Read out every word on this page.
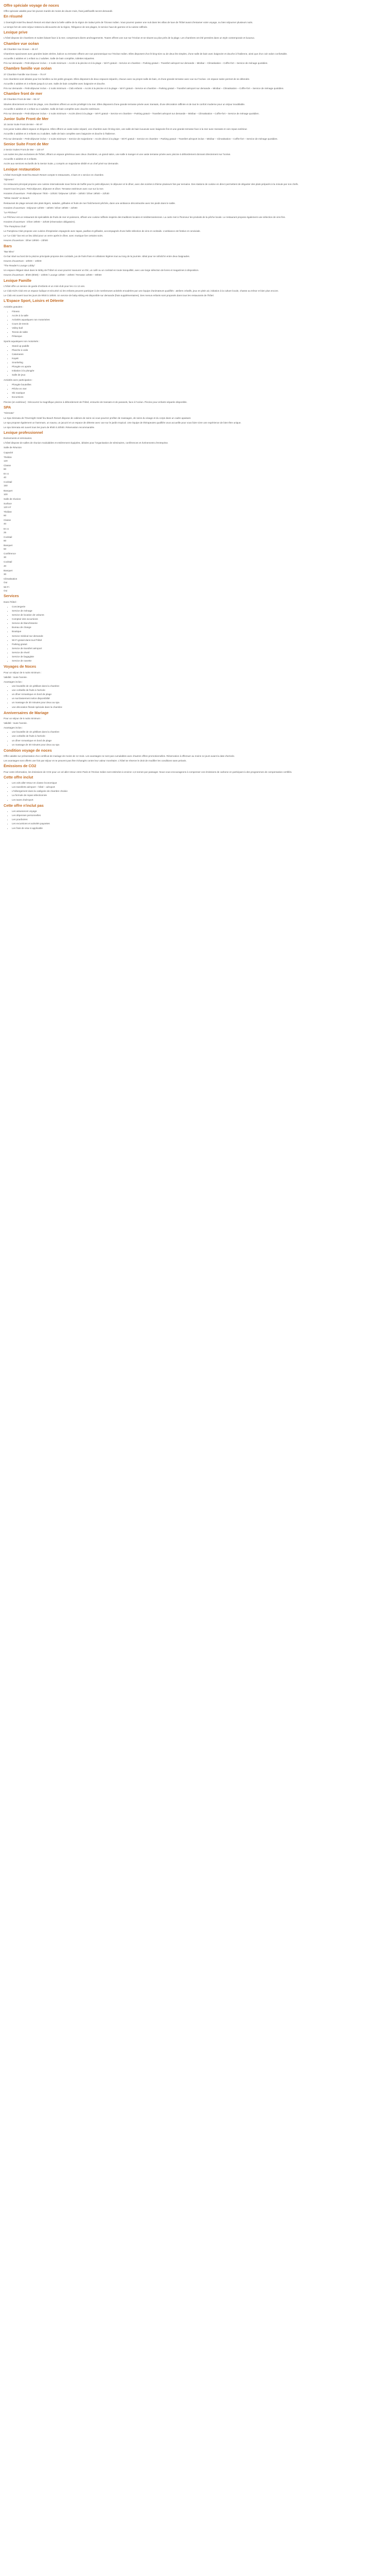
Offre spéciale voyage de noces
Offre spéciale valable pour les jeunes mariés de moins de douze mois, frais justificatifs secret demandé.
En résumé
1 Overnight Hotel feu Beach Resort est situé dans la belle vallée de la région de Salavi près de l'Ocean Indien. Vous pourrez passer une nuit dans les villas de luxe de l'hôtel avant d'entamer votre voyage, ou bien séjourner plusieurs nuits.
Le temps fort de votre séjour restera la découverte de la région, l'élégance de ses plages, le service haut de gamme et la cuisine raffinée.
Lexique prive
L'hôtel dispose de chambres et suites faisant face à la mer, comprenant divers aménagements. Toutes offrent une vue sur l'Océan et se situent au plus près de la plage. Les chambres ont été pensées dans un style contemporain et luxueux.
Chambre vue océan
48 Chambre Vue Ocean – 45 m²
Chambres spacieuses avec grandes baies vitrées, balcon ou terrasse offrant une vue panoramique sur l'Océan Indien. Elles disposent d'un lit king-size ou de deux lits simples, d'une salle de bain avec baignoire et douche à l'italienne, ainsi que d'un coin salon confortable.
Accueille 2 adultes et 1 enfant ou 2 adultes. Salle de bain complète, toilettes séparées.
Prix sur demande – Petit-déjeuner inclus – 2 nuits minimum – Accès à la piscine et à la plage – Wi-Fi gratuit – Service en chambre – Parking gratuit – Transfert aéroport sur demande – Minibar – Climatisation – Coffre-fort – Service de ménage quotidien.
Chambre famille vue océan
37 Chambre Famille Vue Ocean – 75 m²
Ces chambres sont idéales pour les familles ou les petits groupes. Elles disposent de deux espaces séparés, chacun avec sa propre salle de bain, et d'une grande terrasse avec vue sur l'océan. Un espace salon permet de se détendre.
Accueille 2 adultes et 2 enfants jusqu'à 12 ans. Salle de bain complète avec baignoire et douche.
Prix sur demande – Petit-déjeuner inclus – 2 nuits minimum – Club enfants – Accès à la piscine et à la plage – Wi-Fi gratuit – Service en chambre – Parking gratuit – Transfert aéroport sur demande – Minibar – Climatisation – Coffre-fort – Service de ménage quotidien.
Chambre front de mer
20 Chambre Front de Mer – 65 m²
Situées directement en bord de plage, ces chambres offrent un accès privilégié à la mer. Elles disposent d'une grande terrasse privée avec transats, d'une décoration raffinée et de tout le confort moderne pour un séjour inoubliable.
Accueille 2 adultes et 1 enfant ou 2 adultes. Salle de bain complète avec douche extérieure.
Prix sur demande – Petit-déjeuner inclus – 2 nuits minimum – Accès direct à la plage – Wi-Fi gratuit – Service en chambre – Parking gratuit – Transfert aéroport sur demande – Minibar – Climatisation – Coffre-fort – Service de ménage quotidien.
Junior Suite Front de Mer
10 Junior Suite Front de Mer – 90 m²
Ces junior suites allient espace et élégance. Elles offrent un vaste salon séparé, une chambre avec lit king-size, une salle de bain luxueuse avec baignoire îlot et une grande terrasse face à la mer avec transats et coin repas extérieur.
Accueille 2 adultes et 2 enfants ou 3 adultes. Salle de bain complète avec baignoire et douche à l'italienne.
Prix sur demande – Petit-déjeuner inclus – 2 nuits minimum – Service de majordome – Accès direct à la plage – Wi-Fi gratuit – Service en chambre – Parking gratuit – Transfert aéroport inclus – Minibar – Climatisation – Coffre-fort – Service de ménage quotidien.
Senior Suite Front de Mer
2 Senior Suites Front de Mer – 130 m²
Les suites les plus exclusives de l'hôtel, offrant un espace généreux avec deux chambres, un grand salon, une salle à manger et une vaste terrasse privée avec piscine à débordement donnant directement sur l'océan.
Accueille 4 adultes et 2 enfants.
Accès aux services exclusifs de la Senior Suite, y compris un majordome dédié et un chef privé sur demande.
Lexique restauration
L'hôtel Overnight Hotel feu Beach Resort compte 5 restaurants, 4 bars et 1 service en chambre.
"Ojimenn"
Ce restaurant principal propose une cuisine internationale sous forme de buffet pour le petit-déjeuner, le déjeuner et le dîner, avec des soirées à thème plusieurs fois par semaine. Des stations de cuisine en direct permettent de déguster des plats préparés à la minute par nos chefs.
Ouvert tous les jours. Petit-déjeuner, déjeuner et dîner. Terrasse extérieure avec vue sur la mer.
Horaires d'ouverture : Petit-déjeuner 7h00 – 10h30 / Déjeuner 12h30 – 15h00 / Dîner 19h00 – 22h30
"White Hands" on Beach
Restaurant de plage servant des plats légers, salades, grillades et fruits de mer fraîchement pêchés, dans une ambiance décontractée avec les pieds dans le sable.
Horaires d'ouverture : Déjeuner 12h00 – 16h00 / Dîner 19h00 – 22h00
"Le Pêcheur"
Le Pêcheur est un restaurant de spécialités de fruits de mer et poissons, offrant une cuisine raffinée inspirée des traditions locales et méditerranéennes. La carte met à l'honneur les produits de la pêche locale. Le restaurant propose également une sélection de vins fins.
Horaires d'ouverture : Dîner 19h00 – 22h30 (réservation obligatoire).
"The Pamplona Club"
Le Pamplona Club propose une cuisine d'inspiration espagnole avec tapas, paellas et grillades, accompagnés d'une belle sélection de vins et cocktails. L'ambiance est festive et conviviale.
Le "Le Club" bar est un lieu idéal pour un verre après le dîner, avec musique live certains soirs.
Heures d'ouverture : Dîner 19h00 – 23h00
Bars
"Bar Bleu"
Ce bar situé au bord de la piscine principale propose des cocktails, jus de fruits frais et collations légères tout au long de la journée. Idéal pour se rafraîchir entre deux baignades.
Heures d'ouverture : 10h00 – 19h00
"The Reader's Lounge Lobby"
Un espace élégant situé dans le lobby de l'hôtel où vous pourrez savourer un thé, un café ou un cocktail en toute tranquillité, avec une large sélection de livres et magazines à disposition.
Heures d'ouverture : 8h00 (8h00) – 23h00 / Lounge 13h00 – 23h00 / Terrasse 13h00 – 00h00
Lexique Famille
L'hôtel offre un service de garde d'enfants et un mini-club pour les 4 à 12 ans.
Le Club Kid's Club est un espace ludique et sécurisé où les enfants peuvent participer à de nombreuses activités encadrées par une équipe d'animateurs qualifiés : ateliers créatifs, jeux en plein air, initiation à la culture locale, chasse au trésor et bien plus encore.
Le Club est ouvert tous les jours de 9h00 à 18h00. Un service de baby-sitting est disponible sur demande (frais supplémentaires). Des menus enfants sont proposés dans tous les restaurants de l'hôtel.
L'Espace Sport, Loisirs et Détente
Activités gratuites :
• Fitness
• Accès à la salle
• Activités aquatiques non motorisées
• Cours de tennis
• Volley-ball
• Tennis de table
• Pétanque
Sports aquatiques non motorisés :
• Stand up paddle
• Planche à voile
• Catamaran
• Kayak
• Snorkeling
• Plongée en apnée
• Initiation à la plongée
• Salle de jeux
Activités avec participation :
• Plongée bouteilles
• Pêche en mer
• Ski nautique
• Excursions
Piscine (en extérieur) : Découvrez la magnifique piscine à débordement de l'hôtel, entourée de transats et de parasols, face à l'océan. Piscine pour enfants séparée disponible.
SPA
"Sirenata"
Le Spa Sirenata de l'Overnight Hotel feu Beach Resort dispose de cabines de soins où vous pourrez profiter de massages, de soins du visage et du corps dans un cadre apaisant.
Le spa propose également un hammam, un sauna, un jacuzzi et un espace de détente avec vue sur le jardin tropical. Une équipe de thérapeutes qualifiés vous accueille pour vous faire vivre une expérience de bien-être unique.
Le spa Sirenata est ouvert tous les jours de 9h00 à 20h00. Réservation recommandée.
Lexique professionnel
Événements et séminaires.
L'hôtel dispose de salles de réunion modulables et entièrement équipées, idéales pour l'organisation de séminaires, conférences et événements d'entreprise.
Salle de Réunion
Capacité
Théâtre
120
Classe
80
En U
40
Cocktail
150
Banquet
100
Salle de réunion
Surface
120 m²
Théâtre
60
Classe
40
En U
25
Cocktail
80
Banquet
50
Conférence
30
Cocktail
40
Banquet
30
Climatisation
Oui
Wi-Fi
Oui
Services
Dans l'hôtel :
• Conciergerie
• Service de ménage
• Service de location de voitures
• Comptoir des excursions
• Service de blanchisserie
• Bureau de change
• Boutique
• Service médical sur demande
• Wi-Fi gratuit dans tout l'hôtel
• Parking gratuit
• Service de transfert aéroport
• Service de réveil
• Service de bagagiste
• Service de navette
Voyages de Noces
Pour un séjour de 5 nuits minimum :
Validité : toute l'année.
Avantages inclus :
• une bouteille de vin pétillant dans la chambre
• une corbeille de fruits à l'arrivée
• un dîner romantique en bord de plage
• un surclassement selon disponibilité
• un massage de 30 minutes pour deux au spa
• une décoration florale spéciale dans la chambre
Anniversaires de Mariage
Pour un séjour de 5 nuits minimum :
Validité : toute l'année.
Avantages inclus :
• une bouteille de vin pétillant dans la chambre
• une corbeille de fruits à l'arrivée
• un dîner romantique en bord de plage
• un massage de 30 minutes pour deux au spa
Condition voyage de noces
Offre valable sur présentation d'un certificat de mariage de moins de 12 mois. Les avantages ne sont pas cumulables avec d'autres offres promotionnelles. Réservation à effectuer au moins 14 jours avant la date d'arrivée.
Les avantages sont offerts une fois par séjour et ne peuvent pas être échangés contre leur valeur monétaire. L'hôtel se réserve le droit de modifier les conditions sans préavis.
Émissions de CO2
Pour votre information, les émissions de CO2 pour un vol aller-retour entre Paris et l'Océan Indien sont estimées à environ 1,5 tonnes par passager. Nous vous encourageons à compenser vos émissions de carbone en participant à des programmes de compensation certifiés.
Cette offre inclut
• Les vols aller-retour en classe économique
• Les transferts aéroport – hôtel – aéroport
• L'hébergement dans la catégorie de chambre choisie
• La formule de repas sélectionnée
• Les taxes d'aéroport
Cette offre n'inclut pas
• Les assurances voyage
• Les dépenses personnelles
• Les pourboires
• Les excursions et activités payantes
• Les frais de visa si applicable
